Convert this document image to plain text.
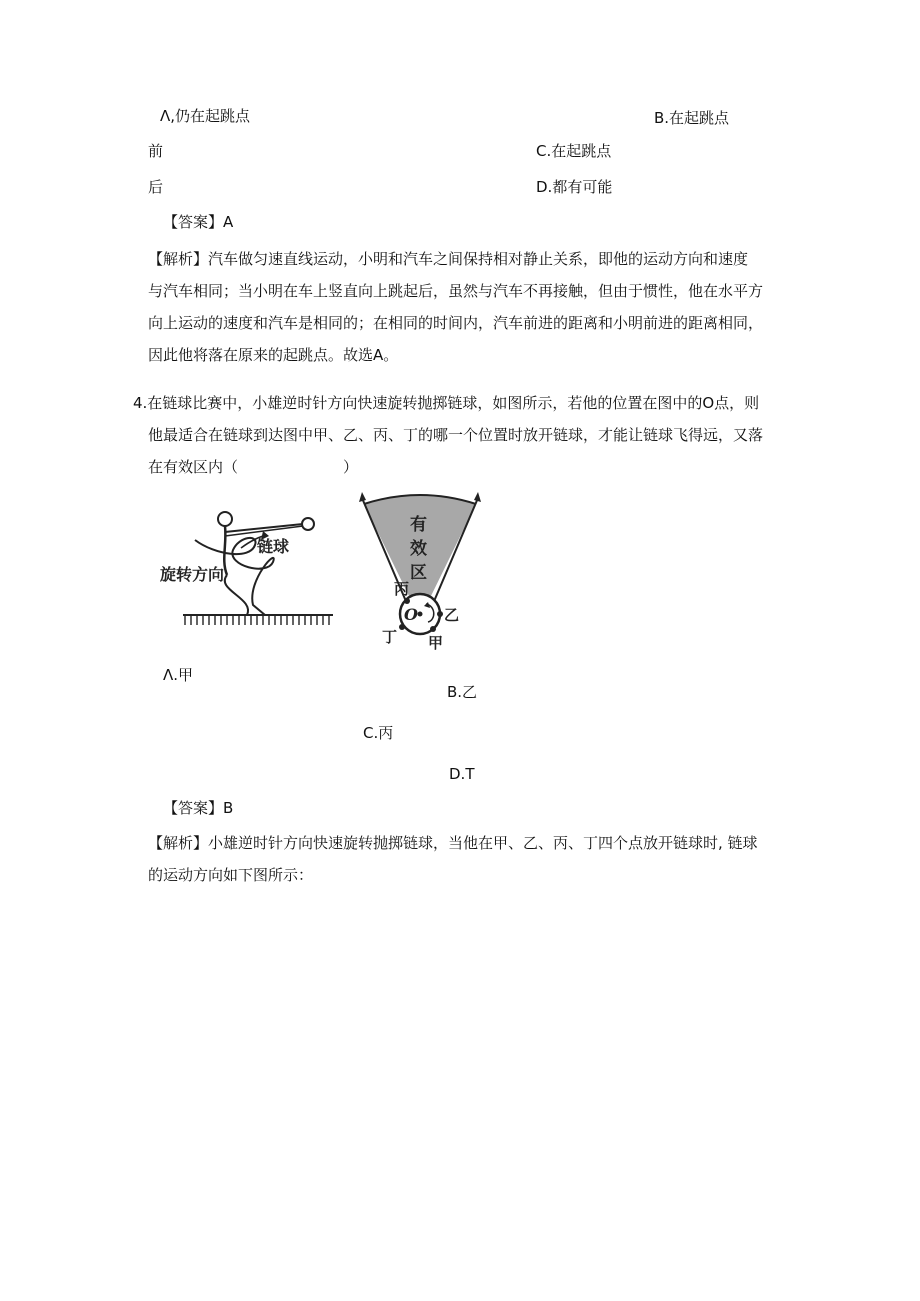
Λ,仍在起跳点	B.在起跳点
前	C.在起跳点
后	D.都有可能
【答案】A
【解析】汽车做匀速直线运动，小明和汽车之间保持相对静止关系，即他的运动方向和速度
与汽车相同；当小明在车上竖直向上跳起后，虽然与汽车不再接触，但由于惯性，他在水平方
向上运动的速度和汽车是相同的；在相同的时间内，汽车前进的距离和小明前进的距离相同，
因此他将落在原来的起跳点。故选A。
4.在链球比赛中，小雄逆时针方向快速旋转抛掷链球，如图所示，若他的位置在图中的O点，则
他最适合在链球到达图中甲、乙、丙、丁的哪一个位置时放开链球，才能让链球飞得远，又落
在有效区内（　　　　　　　）
链球
旋转方向
有
效
区
O
丙
乙
甲
丁
Λ.甲
B.乙
C.丙
D.T
【答案】B
【解析】小雄逆时针方向快速旋转抛掷链球，当他在甲、乙、丙、丁四个点放开链球时, 链球
的运动方向如下图所示：
